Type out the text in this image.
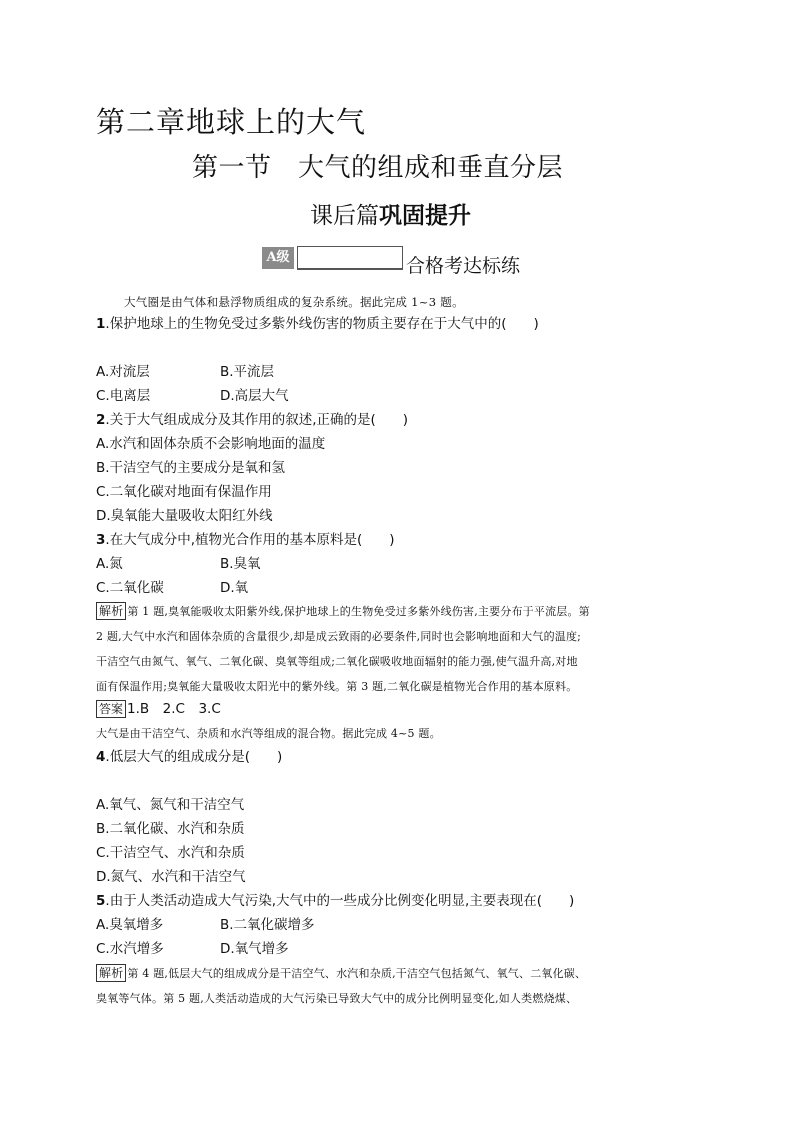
第二章地球上的大气
第一节　大气的组成和垂直分层
课后篇巩固提升
A级	合格考达标练
大气圈是由气体和悬浮物质组成的复杂系统。据此完成 1~3 题。
1.保护地球上的生物免受过多紫外线伤害的物质主要存在于大气中的(　　)
A.对流层	B.平流层
C.电离层	D.高层大气
2.关于大气组成成分及其作用的叙述,正确的是(　　)
A.水汽和固体杂质不会影响地面的温度
B.干洁空气的主要成分是氧和氢
C.二氧化碳对地面有保温作用
D.臭氧能大量吸收太阳红外线
3.在大气成分中,植物光合作用的基本原料是(　　)
A.氮	B.臭氧
C.二氧化碳	D.氧
解析 第 1 题,臭氧能吸收太阳紫外线,保护地球上的生物免受过多紫外线伤害,主要分布于平流层。第
2 题,大气中水汽和固体杂质的含量很少,却是成云致雨的必要条件,同时也会影响地面和大气的温度;
干洁空气由氮气、氧气、二氧化碳、臭氧等组成;二氧化碳吸收地面辐射的能力强,使气温升高,对地
面有保温作用;臭氧能大量吸收太阳光中的紫外线。第 3 题,二氧化碳是植物光合作用的基本原料。
答案 1.B　2.C　3.C
大气是由干洁空气、杂质和水汽等组成的混合物。据此完成 4~5 题。
4.低层大气的组成成分是(　　)
A.氧气、氮气和干洁空气
B.二氧化碳、水汽和杂质
C.干洁空气、水汽和杂质
D.氮气、水汽和干洁空气
5.由于人类活动造成大气污染,大气中的一些成分比例变化明显,主要表现在(　　)
A.臭氧增多	B.二氧化碳增多
C.水汽增多	D.氧气增多
解析 第 4 题,低层大气的组成成分是干洁空气、水汽和杂质,干洁空气包括氮气、氧气、二氧化碳、
臭氧等气体。第 5 题,人类活动造成的大气污染已导致大气中的成分比例明显变化,如人类燃烧煤、
